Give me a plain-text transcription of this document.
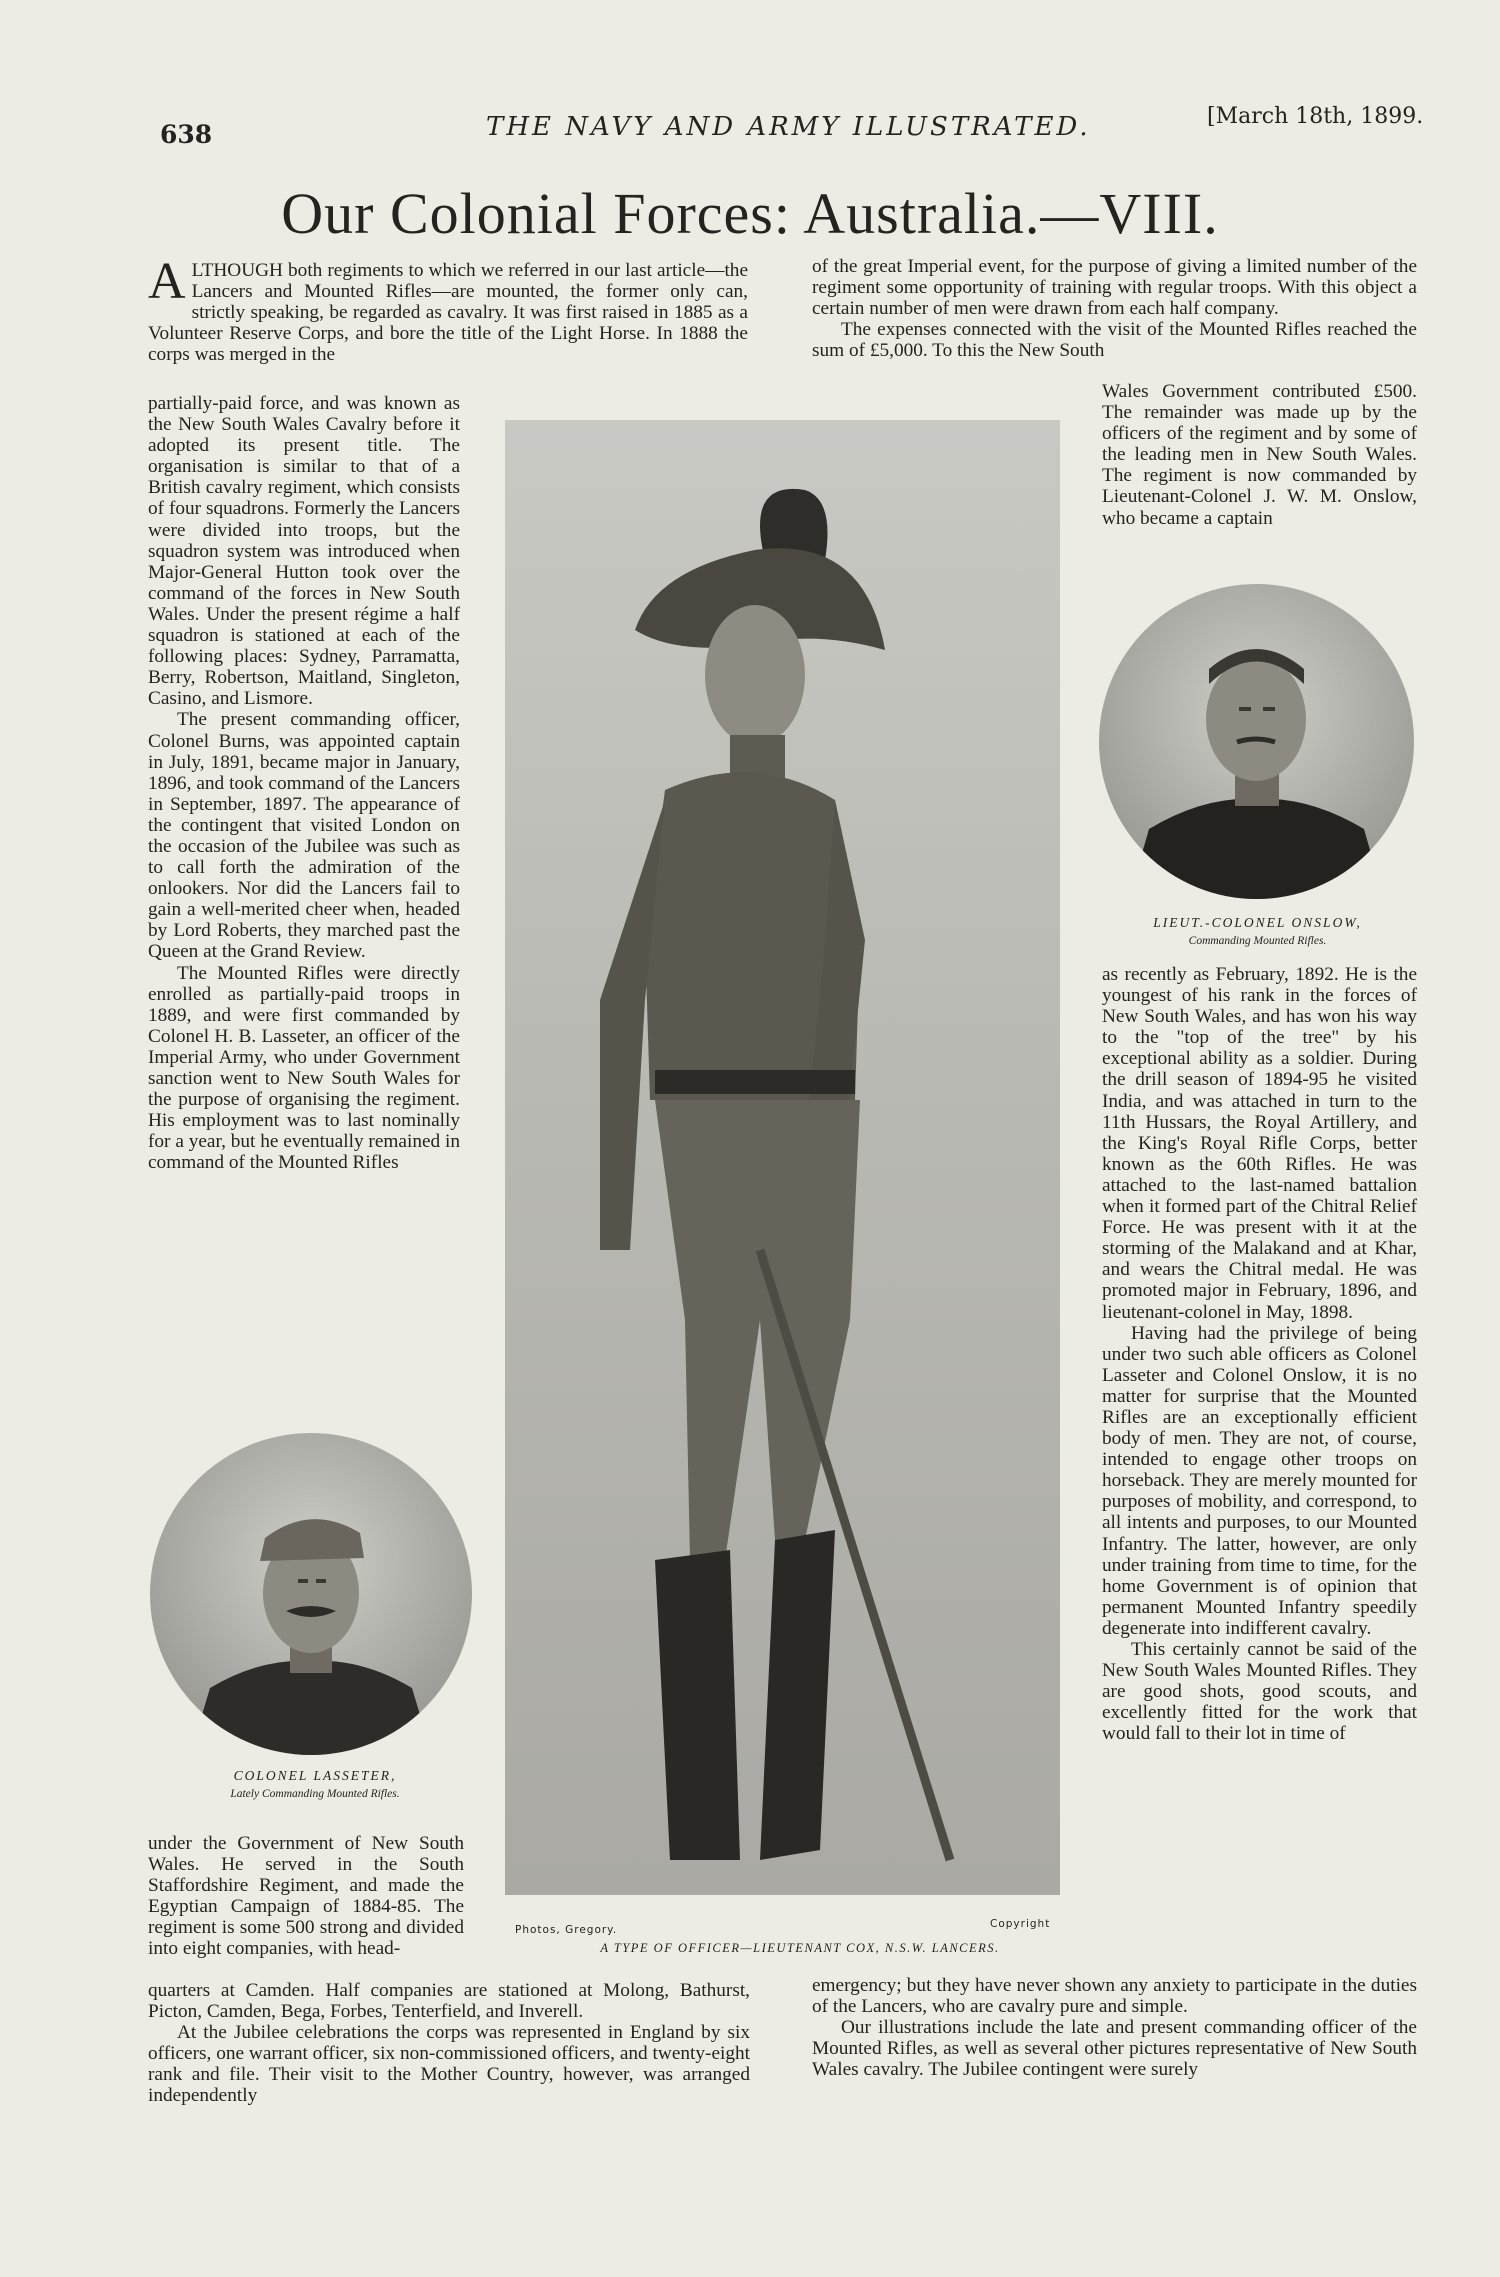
638	THE NAVY AND ARMY ILLUSTRATED.	[March 18th, 1899.
Our Colonial Forces: Australia.—VIII.

ALTHOUGH both regiments to which we referred in our last article—the Lancers and Mounted Rifles—are mounted, the former only can, strictly speaking, be regarded as cavalry. It was first raised in 1885 as a Volunteer Reserve Corps, and bore the title of the Light Horse. In 1888 the corps was merged in the

partially-paid force, and was known as the New South Wales Cavalry before it adopted its present title. The organisation is similar to that of a British cavalry regiment, which consists of four squadrons. Formerly the Lancers were divided into troops, but the squadron system was introduced when Major-General Hutton took over the command of the forces in New South Wales. Under the present régime a half squadron is stationed at each of the following places: Sydney, Parramatta, Berry, Robertson, Maitland, Singleton, Casino, and Lismore.

The present commanding officer, Colonel Burns, was appointed captain in July, 1891, became major in January, 1896, and took command of the Lancers in September, 1897. The appearance of the contingent that visited London on the occasion of the Jubilee was such as to call forth the admiration of the onlookers. Nor did the Lancers fail to gain a well-merited cheer when, headed by Lord Roberts, they marched past the Queen at the Grand Review.

The Mounted Rifles were directly enrolled as partially-paid troops in 1889, and were first commanded by Colonel H. B. Lasseter, an officer of the Imperial Army, who under Government sanction went to New South Wales for the purpose of organising the regiment. His employment was to last nominally for a year, but he eventually remained in command of the Mounted Rifles

COLONEL LASSETER,
Lately Commanding Mounted Rifles.

under the Government of New South Wales. He served in the South Staffordshire Regiment, and made the Egyptian Campaign of 1884-85. The regiment is some 500 strong and divided into eight companies, with head-

quarters at Camden. Half companies are stationed at Molong, Bathurst, Picton, Camden, Bega, Forbes, Tenterfield, and Inverell.

At the Jubilee celebrations the corps was represented in England by six officers, one warrant officer, six non-commissioned officers, and twenty-eight rank and file. Their visit to the Mother Country, however, was arranged independently

Photos, Gregory.	Copyright
A TYPE OF OFFICER—LIEUTENANT COX, N.S.W. LANCERS.

of the great Imperial event, for the purpose of giving a limited number of the regiment some opportunity of training with regular troops. With this object a certain number of men were drawn from each half company.

The expenses connected with the visit of the Mounted Rifles reached the sum of £5,000. To this the New South

Wales Government contributed £500. The remainder was made up by the officers of the regiment and by some of the leading men in New South Wales. The regiment is now commanded by Lieutenant-Colonel J. W. M. Onslow, who became a captain

LIEUT.-COLONEL ONSLOW,
Commanding Mounted Rifles.

as recently as February, 1892. He is the youngest of his rank in the forces of New South Wales, and has won his way to the "top of the tree" by his exceptional ability as a soldier. During the drill season of 1894-95 he visited India, and was attached in turn to the 11th Hussars, the Royal Artillery, and the King's Royal Rifle Corps, better known as the 60th Rifles. He was attached to the last-named battalion when it formed part of the Chitral Relief Force. He was present with it at the storming of the Malakand and at Khar, and wears the Chitral medal. He was promoted major in February, 1896, and lieutenant-colonel in May, 1898.

Having had the privilege of being under two such able officers as Colonel Lasseter and Colonel Onslow, it is no matter for surprise that the Mounted Rifles are an exceptionally efficient body of men. They are not, of course, intended to engage other troops on horseback. They are merely mounted for purposes of mobility, and correspond, to all intents and purposes, to our Mounted Infantry. The latter, however, are only under training from time to time, for the home Government is of opinion that permanent Mounted Infantry speedily degenerate into indifferent cavalry.

This certainly cannot be said of the New South Wales Mounted Rifles. They are good shots, good scouts, and excellently fitted for the work that would fall to their lot in time of

emergency; but they have never shown any anxiety to participate in the duties of the Lancers, who are cavalry pure and simple.

Our illustrations include the late and present commanding officer of the Mounted Rifles, as well as several other pictures representative of New South Wales cavalry. The Jubilee contingent were surely
